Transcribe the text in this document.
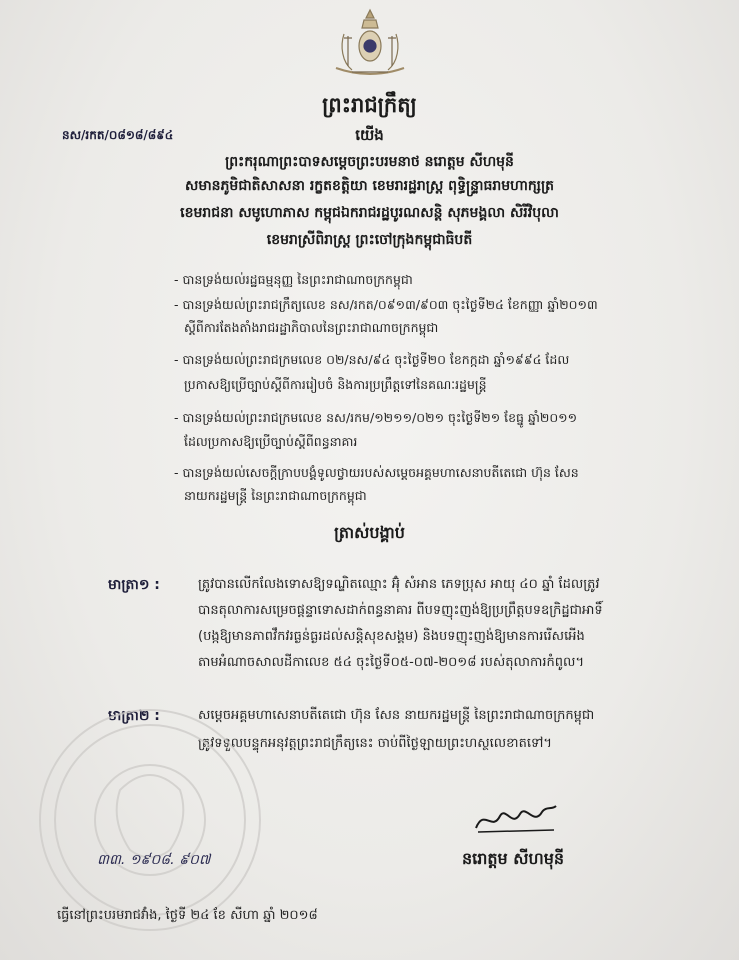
ព្រះរាជក្រឹត្យ
នស/រកត/០៨១៨/៨៩៤	យើង
ព្រះករុណាព្រះបាទសម្ដេចព្រះបរមនាថ នរោត្ដម សីហមុនី
សមានភូមិជាតិសាសនា រក្ខតខត្តិយា ខេមរារដ្ឋរាស្ត្រ ពុទ្ធិន្ទ្រាធរាមហាក្សត្រ
ខេមរាជនា សមូហោភាស កម្ពុជឯករាជរដ្ឋបូរណសន្ដិ សុភមង្គលា សិរីវិបុលា
ខេមរាស្រីពិរាស្ត្រ ព្រះចៅក្រុងកម្ពុជាធិបតី
- បានទ្រង់យល់រដ្ឋធម្មនុញ្ញ នៃព្រះរាជាណាចក្រកម្ពុជា
- បានទ្រង់យល់ព្រះរាជក្រឹត្យលេខ នស/រកត/០៩១៣/៩០៣ ចុះថ្ងៃទី២៤ ខែកញ្ញា ឆ្នាំ២០១៣
ស្ដីពីការតែងតាំងរាជរដ្ឋាភិបាលនៃព្រះរាជាណាចក្រកម្ពុជា
- បានទ្រង់យល់ព្រះរាជក្រមលេខ ០២/នស/៩៤ ចុះថ្ងៃទី២០ ខែកក្កដា ឆ្នាំ១៩៩៤ ដែល
ប្រកាសឱ្យប្រើច្បាប់ស្ដីពីការរៀបចំ និងការប្រព្រឹត្តទៅនៃគណៈរដ្ឋមន្ត្រី
- បានទ្រង់យល់ព្រះរាជក្រមលេខ នស/រកម/១២១១/០២១ ចុះថ្ងៃទី២១ ខែធ្នូ ឆ្នាំ២០១១
ដែលប្រកាសឱ្យប្រើច្បាប់ស្ដីពីពន្ធនាគារ
- បានទ្រង់យល់សេចក្ដីក្រាបបង្គំទូលថ្វាយរបស់សម្ដេចអគ្គមហាសេនាបតីតេជោ ហ៊ុន សែន
នាយករដ្ឋមន្ត្រី នៃព្រះរាជាណាចក្រកម្ពុជា
ត្រាស់បង្គាប់
មាត្រា១ :	ត្រូវបានលើកលែងទោសឱ្យទណ្ឌិតឈ្មោះ អ៊ុំ សំអាន ភេទប្រុស អាយុ ៤០ ឆ្នាំ ដែលត្រូវ
បានតុលាការសម្រេចផ្ដន្ទាទោសដាក់ពន្ធនាគារ ពីបទញុះញង់ឱ្យប្រព្រឹត្តបទឧក្រិដ្ឋជាអាទិ៍
(បង្កឱ្យមានភាពវឹកវរធ្ងន់ធ្ងរដល់សន្ដិសុខសង្គម) និងបទញុះញង់ឱ្យមានការរើសអើង
តាមអំណាចសាលដីកាលេខ ៥៤ ចុះថ្ងៃទី០៥-០៧-២០១៨ របស់តុលាការកំពូល។
មាត្រា២ :	សម្ដេចអគ្គមហាសេនាបតីតេជោ ហ៊ុន សែន នាយករដ្ឋមន្ត្រី នៃព្រះរាជាណាចក្រកម្ពុជា
ត្រូវទទួលបន្ទុកអនុវត្តព្រះរាជក្រឹត្យនេះ ចាប់ពីថ្ងៃឡាយព្រះហស្ថលេខាតទៅ។
៣៣. ១៩០៨. ៩០៧	នរោត្ដម សីហមុនី
ធ្វើនៅព្រះបរមរាជវាំង, ថ្ងៃទី ២៤ ខែ សីហា ឆ្នាំ ២០១៨
